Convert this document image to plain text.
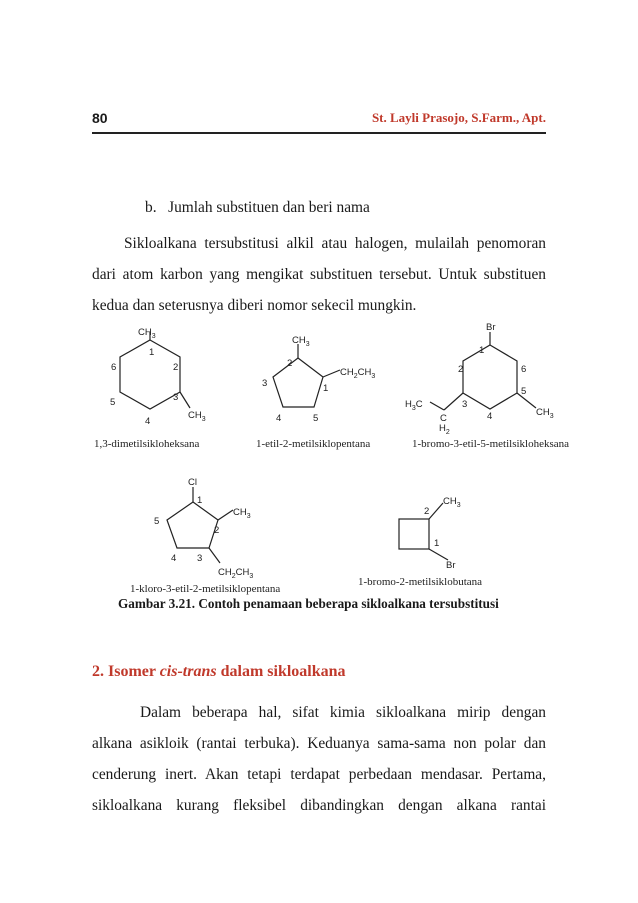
80	St. Layli Prasojo, S.Farm., Apt.
b. Jumlah substituen dan beri nama
Sikloalkana tersubstitusi alkil atau halogen, mulailah penomoran
dari atom karbon yang mengikat substituen tersebut. Untuk substituen
kedua dan seterusnya diberi nomor sekecil mungkin.
$CH_3$
1
2
3
4
5
6
$CH_3$
1,3-dimetilsikloheksana
$CH_3$
2
1
$CH_2CH_3$
3
4	5
1-etil-2-metilsiklopentana
Br
1
2	6
5
3
4
$H_3C$
C
$H_2$
$CH_3$
1-bromo-3-etil-5-metilsikloheksana
Cl
1
5
2
$CH_3$
4 3
$CH_2CH_3$
1-kloro-3-etil-2-metilsiklopentana
2
$CH_3$
1
Br
1-bromo-2-metilsiklobutana
Gambar 3.21. Contoh penamaan beberapa sikloalkana tersubstitusi
2. Isomer cis-trans dalam sikloalkana
Dalam beberapa hal, sifat kimia sikloalkana mirip dengan
alkana asikloik (rantai terbuka). Keduanya sama-sama non polar dan
cenderung inert. Akan tetapi terdapat perbedaan mendasar. Pertama,
sikloalkana kurang fleksibel dibandingkan dengan alkana rantai
